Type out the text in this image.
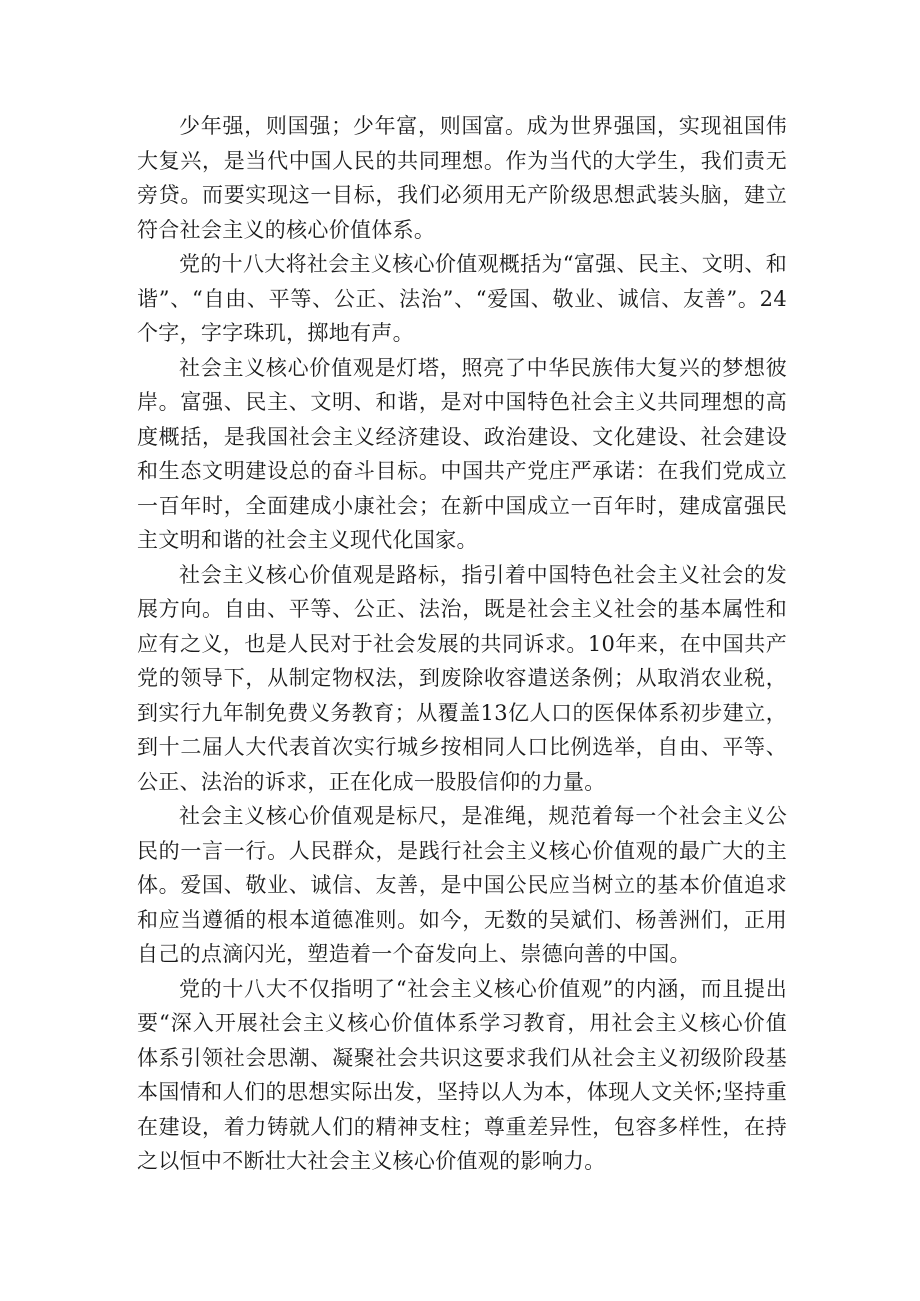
少年强，则国强；少年富，则国富。成为世界强国，实现祖国伟大复兴，是当代中国人民的共同理想。作为当代的大学生，我们责无旁贷。而要实现这一目标，我们必须用无产阶级思想武装头脑，建立符合社会主义的核心价值体系。

党的十八大将社会主义核心价值观概括为“富强、民主、文明、和谐”、“自由、平等、公正、法治”、“爱国、敬业、诚信、友善”。24个字，字字珠玑，掷地有声。

社会主义核心价值观是灯塔，照亮了中华民族伟大复兴的梦想彼岸。富强、民主、文明、和谐，是对中国特色社会主义共同理想的高度概括，是我国社会主义经济建设、政治建设、文化建设、社会建设和生态文明建设总的奋斗目标。中国共产党庄严承诺：在我们党成立一百年时，全面建成小康社会；在新中国成立一百年时，建成富强民主文明和谐的社会主义现代化国家。

社会主义核心价值观是路标，指引着中国特色社会主义社会的发展方向。自由、平等、公正、法治，既是社会主义社会的基本属性和应有之义，也是人民对于社会发展的共同诉求。10年来，在中国共产党的领导下，从制定物权法，到废除收容遣送条例；从取消农业税，到实行九年制免费义务教育；从覆盖13亿人口的医保体系初步建立，到十二届人大代表首次实行城乡按相同人口比例选举，自由、平等、公正、法治的诉求，正在化成一股股信仰的力量。

社会主义核心价值观是标尺，是准绳，规范着每一个社会主义公民的一言一行。人民群众，是践行社会主义核心价值观的最广大的主体。爱国、敬业、诚信、友善，是中国公民应当树立的基本价值追求和应当遵循的根本道德准则。如今，无数的吴斌们、杨善洲们，正用自己的点滴闪光，塑造着一个奋发向上、崇德向善的中国。

党的十八大不仅指明了“社会主义核心价值观”的内涵，而且提出要“深入开展社会主义核心价值体系学习教育，用社会主义核心价值体系引领社会思潮、凝聚社会共识这要求我们从社会主义初级阶段基本国情和人们的思想实际出发，坚持以人为本，体现人文关怀;坚持重在建设，着力铸就人们的精神支柱；尊重差异性，包容多样性，在持之以恒中不断壮大社会主义核心价值观的影响力。
